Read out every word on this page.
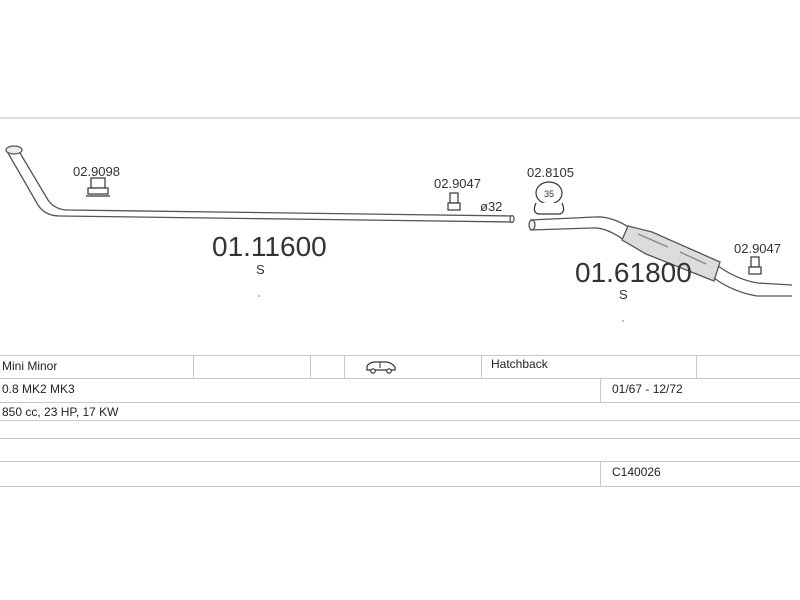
02.9098
02.9047
ø32
02.8105
35
02.9047
01.11600
S	01.61800
S
Mini Minor	Hatchback
0.8 MK2 MK3	01/67 - 12/72
850 cc, 23 HP, 17 KW
C140026
